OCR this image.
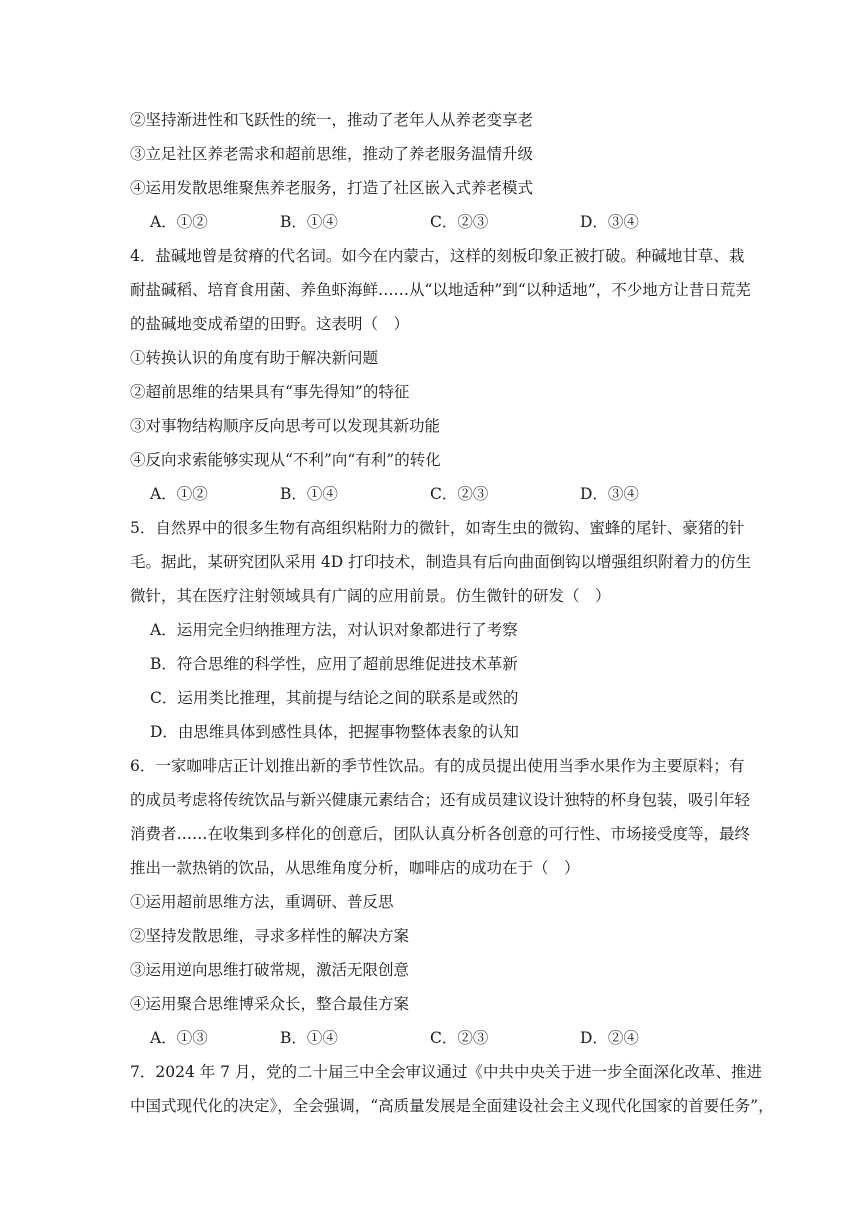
②坚持渐进性和飞跃性的统一，推动了老年人从养老变享老
③立足社区养老需求和超前思维，推动了养老服务温情升级
④运用发散思维聚焦养老服务，打造了社区嵌入式养老模式
A．①②	B．①④	C．②③	D．③④
4．盐碱地曾是贫瘠的代名词。如今在内蒙古，这样的刻板印象正被打破。种碱地甘草、栽
耐盐碱稻、培育食用菌、养鱼虾海鲜……从“以地适种”到“以种适地”，不少地方让昔日荒芜
的盐碱地变成希望的田野。这表明（　）
①转换认识的角度有助于解决新问题
②超前思维的结果具有“事先得知”的特征
③对事物结构顺序反向思考可以发现其新功能
④反向求索能够实现从“不利”向“有利”的转化
A．①②	B．①④	C．②③	D．③④
5．自然界中的很多生物有高组织粘附力的微针，如寄生虫的微钩、蜜蜂的尾针、豪猪的针
毛。据此，某研究团队采用 4D 打印技术，制造具有后向曲面倒钩以增强组织附着力的仿生
微针，其在医疗注射领域具有广阔的应用前景。仿生微针的研发（　）
A．运用完全归纳推理方法，对认识对象都进行了考察
B．符合思维的科学性，应用了超前思维促进技术革新
C．运用类比推理，其前提与结论之间的联系是或然的
D．由思维具体到感性具体，把握事物整体表象的认知
6．一家咖啡店正计划推出新的季节性饮品。有的成员提出使用当季水果作为主要原料；有
的成员考虑将传统饮品与新兴健康元素结合；还有成员建议设计独特的杯身包装，吸引年轻
消费者……在收集到多样化的创意后，团队认真分析各创意的可行性、市场接受度等，最终
推出一款热销的饮品，从思维角度分析，咖啡店的成功在于（　）
①运用超前思维方法，重调研、普反思
②坚持发散思维，寻求多样性的解决方案
③运用逆向思维打破常规，激活无限创意
④运用聚合思维博采众长，整合最佳方案
A．①③	B．①④	C．②③	D．②④
7．2024 年 7 月，党的二十届三中全会审议通过《中共中央关于进一步全面深化改革、推进
中国式现代化的决定》，全会强调，“高质量发展是全面建设社会主义现代化国家的首要任务”，
